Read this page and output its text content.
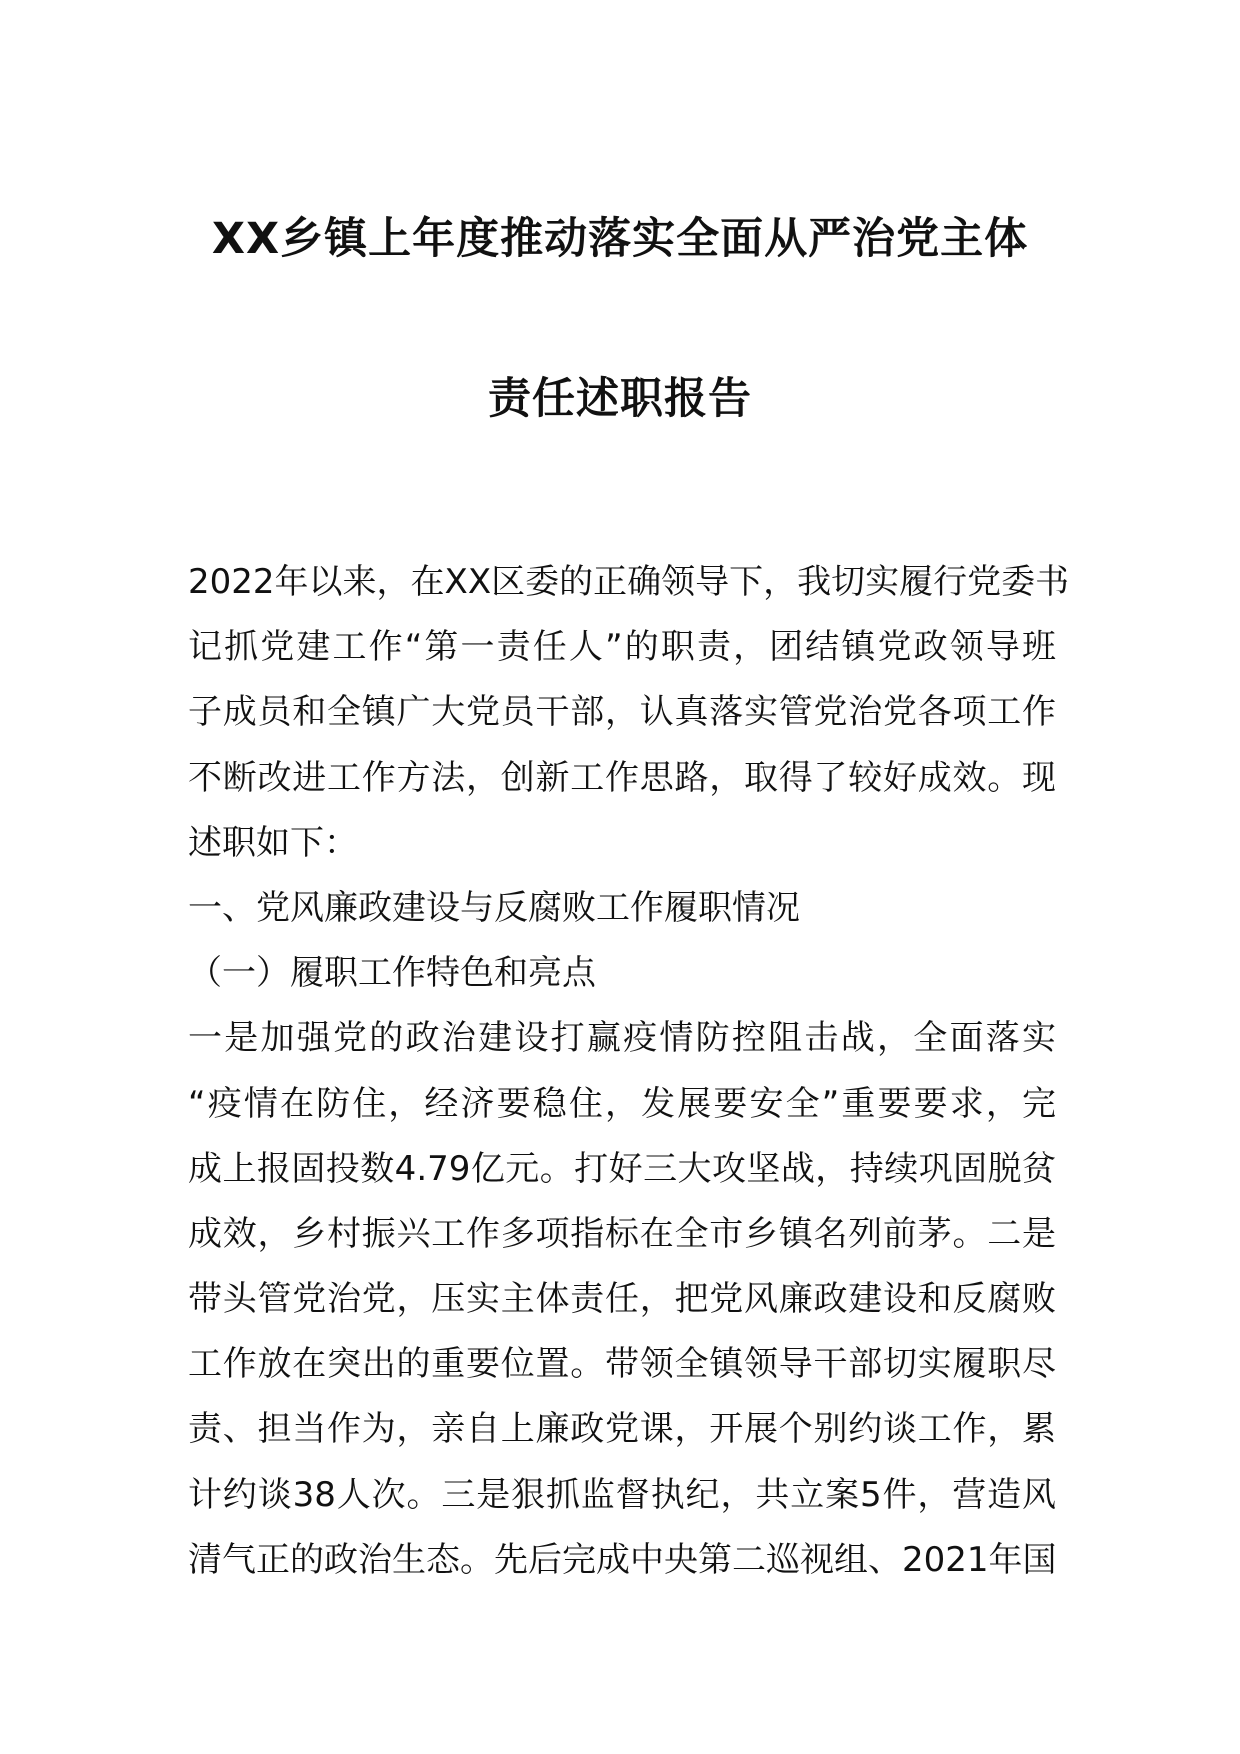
XX乡镇上年度推动落实全面从严治党主体
责任述职报告
2022年以来，在XX区委的正确领导下，我切实履行党委书
记抓党建工作“第一责任人”的职责，团结镇党政领导班
子成员和全镇广大党员干部，认真落实管党治党各项工作
不断改进工作方法，创新工作思路，取得了较好成效。现
述职如下：
一、党风廉政建设与反腐败工作履职情况
（一）履职工作特色和亮点
一是加强党的政治建设打赢疫情防控阻击战，全面落实
“疫情在防住，经济要稳住，发展要安全”重要要求，完
成上报固投数4.79亿元。打好三大攻坚战，持续巩固脱贫
成效，乡村振兴工作多项指标在全市乡镇名列前茅。二是
带头管党治党，压实主体责任，把党风廉政建设和反腐败
工作放在突出的重要位置。带领全镇领导干部切实履职尽
责、担当作为，亲自上廉政党课，开展个别约谈工作，累
计约谈38人次。三是狠抓监督执纪，共立案5件，营造风
清气正的政治生态。先后完成中央第二巡视组、2021年国
